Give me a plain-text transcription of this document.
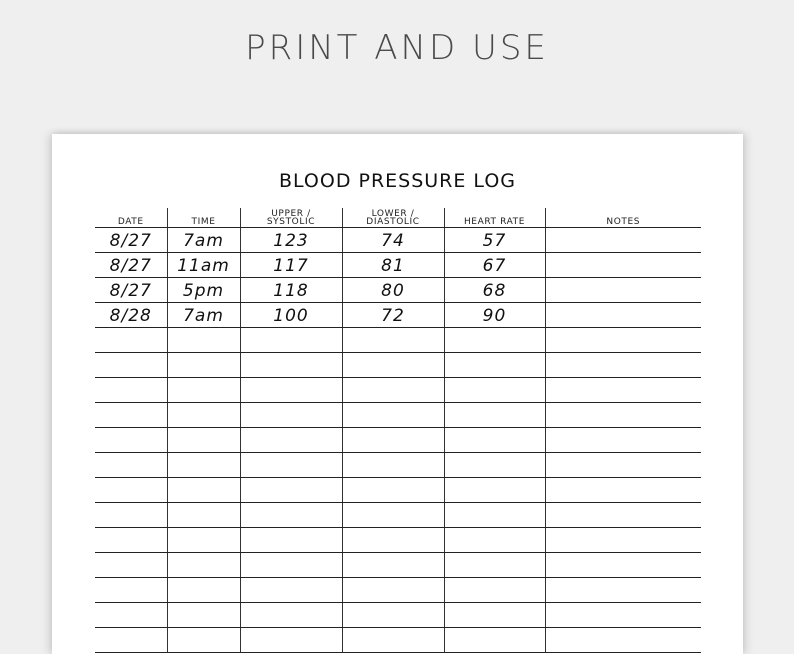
PRINT AND USE
BLOOD PRESSURE LOG
DATE	TIME	UPPER / SYSTOLIC	LOWER / DIASTOLIC	HEART RATE	NOTES
8/27	7am	123	74	57	
8/27	11am	117	81	67	
8/27	5pm	118	80	68	
8/28	7am	100	72	90	
